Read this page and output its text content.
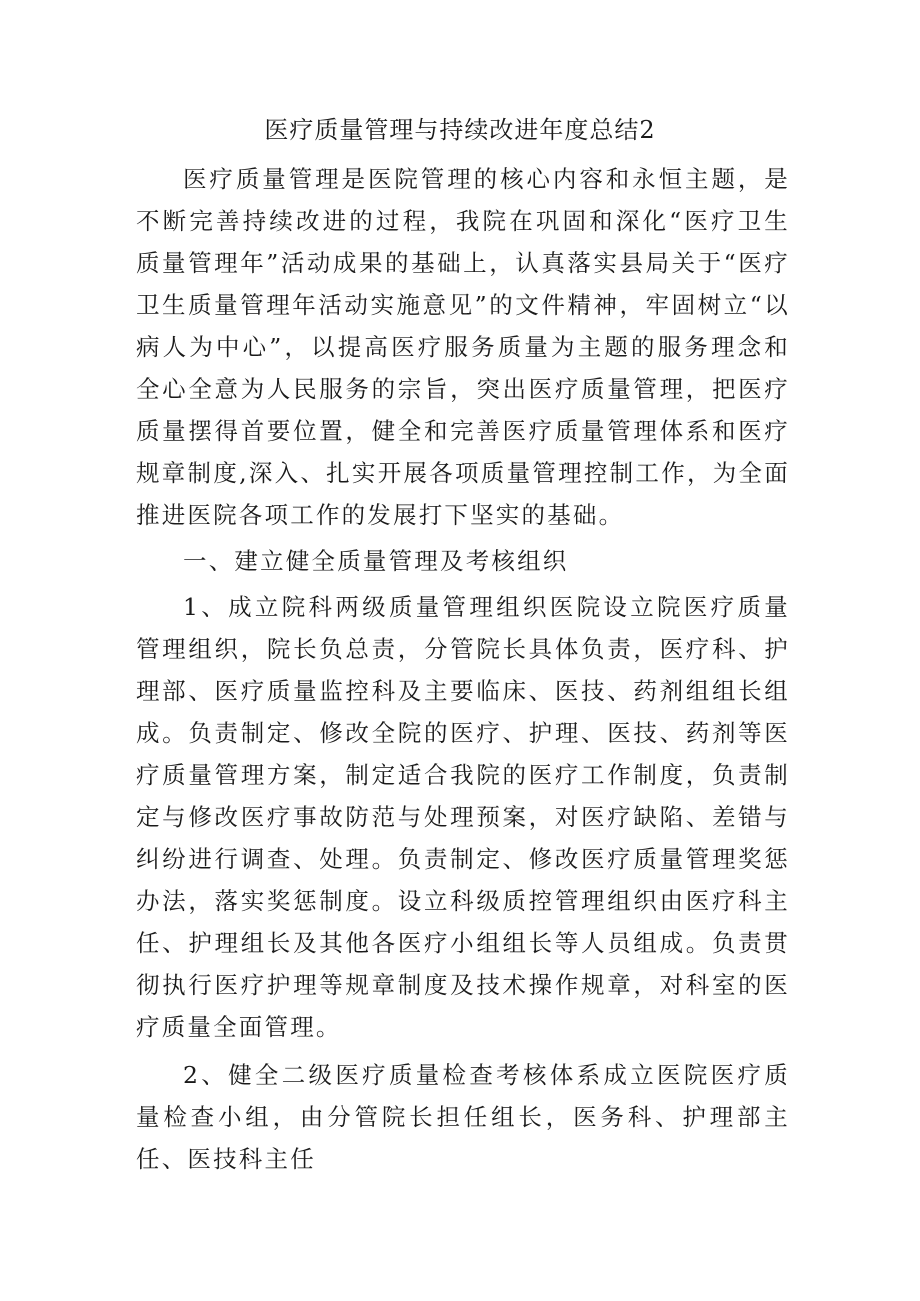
医疗质量管理与持续改进年度总结2

医疗质量管理是医院管理的核心内容和永恒主题，是不断完善持续改进的过程，我院在巩固和深化“医疗卫生质量管理年”活动成果的基础上，认真落实县局关于“医疗卫生质量管理年活动实施意见”的文件精神，牢固树立“以病人为中心”，以提高医疗服务质量为主题的服务理念和全心全意为人民服务的宗旨，突出医疗质量管理，把医疗质量摆得首要位置，健全和完善医疗质量管理体系和医疗规章制度,深入、扎实开展各项质量管理控制工作，为全面推进医院各项工作的发展打下坚实的基础。

一、建立健全质量管理及考核组织

1、成立院科两级质量管理组织医院设立院医疗质量管理组织，院长负总责，分管院长具体负责，医疗科、护理部、医疗质量监控科及主要临床、医技、药剂组组长组成。负责制定、修改全院的医疗、护理、医技、药剂等医疗质量管理方案，制定适合我院的医疗工作制度，负责制定与修改医疗事故防范与处理预案，对医疗缺陷、差错与纠纷进行调查、处理。负责制定、修改医疗质量管理奖惩办法，落实奖惩制度。设立科级质控管理组织由医疗科主任、护理组长及其他各医疗小组组长等人员组成。负责贯彻执行医疗护理等规章制度及技术操作规章，对科室的医疗质量全面管理。

2、健全二级医疗质量检查考核体系成立医院医疗质量检查小组，由分管院长担任组长，医务科、护理部主任、医技科主任
